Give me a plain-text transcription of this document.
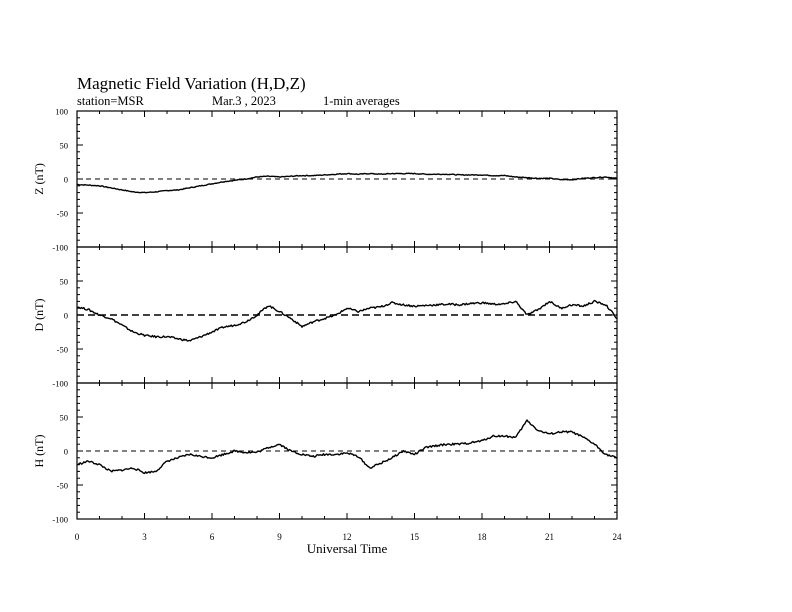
Magnetic Field Variation (H,D,Z)
station=MSR	Mar.3 , 2023	1-min averages
100
50
0
-50
-100
Z (nT)
50
0
-50
-100
D (nT)
50
0
-50
-100
H (nT)
0	3	6	9	12	15	18	21	24
Universal Time
